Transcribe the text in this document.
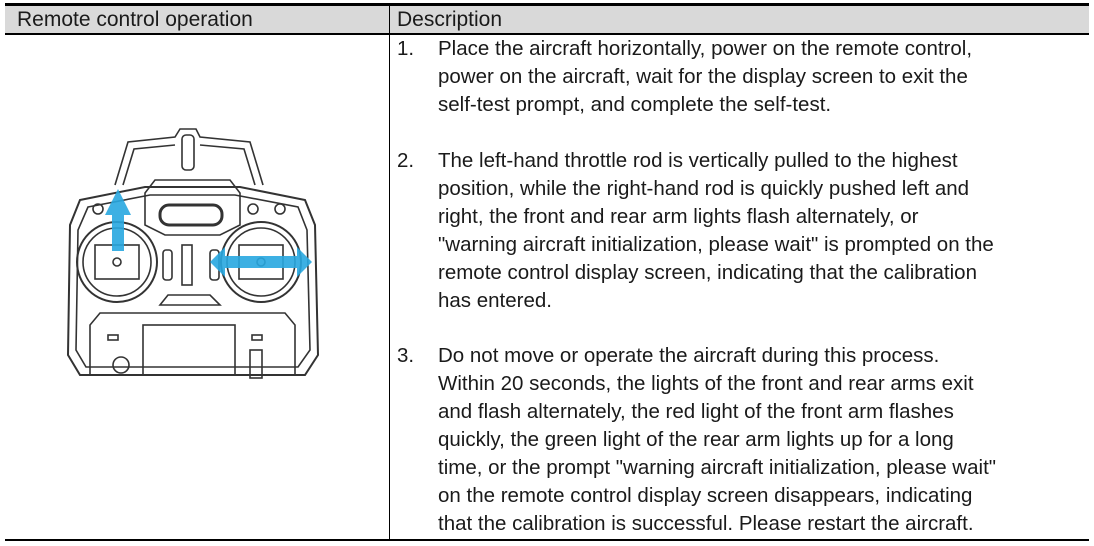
Remote control operation	Description
1. Place the aircraft horizontally, power on the remote control,
power on the aircraft, wait for the display screen to exit the
self-test prompt, and complete the self-test.
2. The left-hand throttle rod is vertically pulled to the highest
position, while the right-hand rod is quickly pushed left and
right, the front and rear arm lights flash alternately, or
"warning aircraft initialization, please wait" is prompted on the
remote control display screen, indicating that the calibration
has entered.
3. Do not move or operate the aircraft during this process.
Within 20 seconds, the lights of the front and rear arms exit
and flash alternately, the red light of the front arm flashes
quickly, the green light of the rear arm lights up for a long
time, or the prompt "warning aircraft initialization, please wait"
on the remote control display screen disappears, indicating
that the calibration is successful. Please restart the aircraft.
